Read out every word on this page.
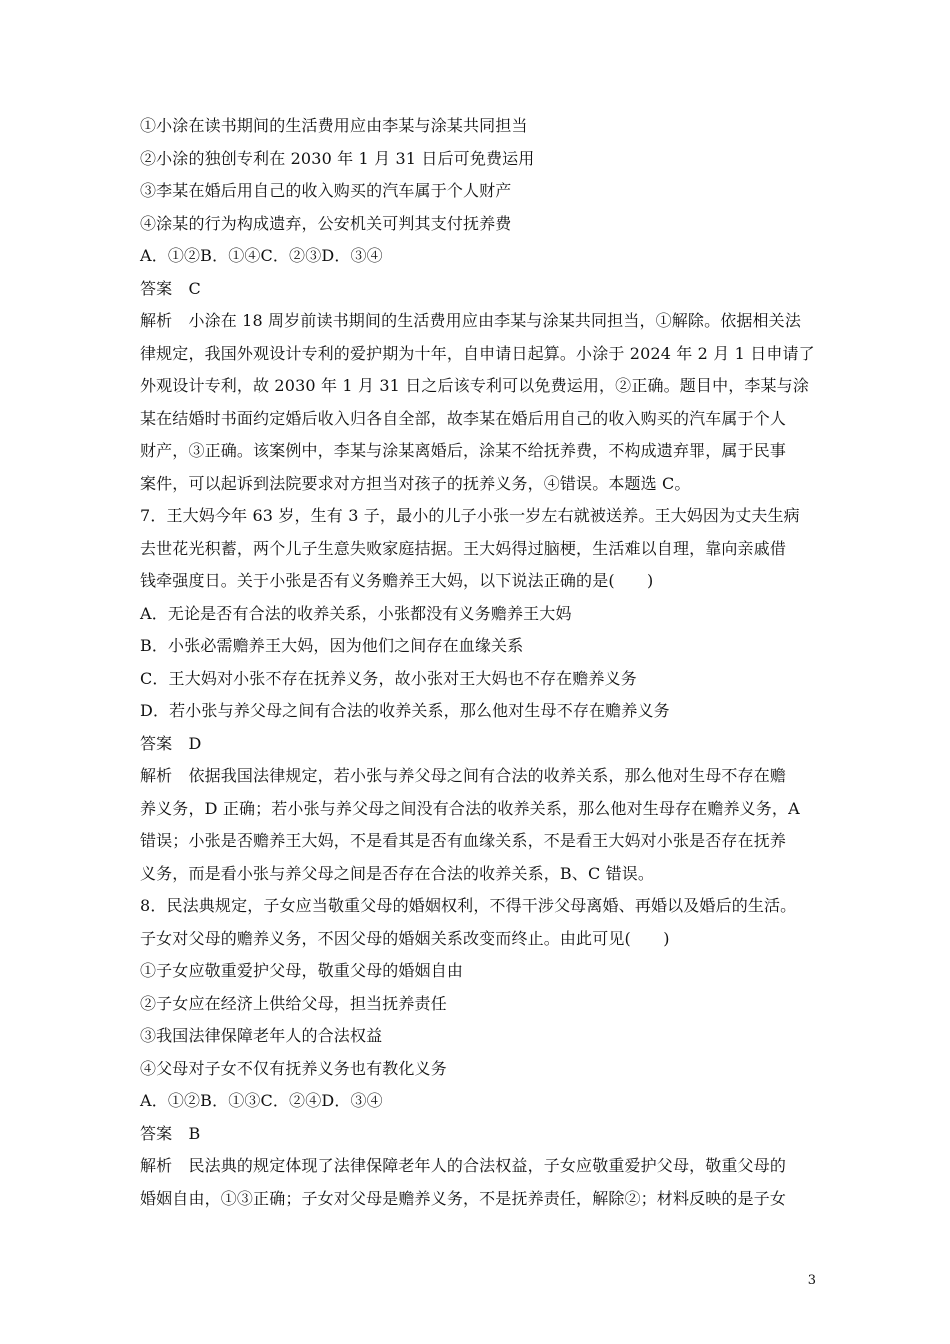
①小涂在读书期间的生活费用应由李某与涂某共同担当
②小涂的独创专利在 2030 年 1 月 31 日后可免费运用
③李某在婚后用自己的收入购买的汽车属于个人财产
④涂某的行为构成遗弃，公安机关可判其支付抚养费
A．①②B．①④C．②③D．③④
答案　C
解析　小涂在 18 周岁前读书期间的生活费用应由李某与涂某共同担当，①解除。依据相关法
律规定，我国外观设计专利的爱护期为十年，自申请日起算。小涂于 2024 年 2 月 1 日申请了
外观设计专利，故 2030 年 1 月 31 日之后该专利可以免费运用，②正确。题目中，李某与涂
某在结婚时书面约定婚后收入归各自全部，故李某在婚后用自己的收入购买的汽车属于个人
财产，③正确。该案例中，李某与涂某离婚后，涂某不给抚养费，不构成遗弃罪，属于民事
案件，可以起诉到法院要求对方担当对孩子的抚养义务，④错误。本题选 C。
7．王大妈今年 63 岁，生有 3 子，最小的儿子小张一岁左右就被送养。王大妈因为丈夫生病
去世花光积蓄，两个儿子生意失败家庭拮据。王大妈得过脑梗，生活难以自理，靠向亲戚借
钱牵强度日。关于小张是否有义务赡养王大妈，以下说法正确的是(　　)
A．无论是否有合法的收养关系，小张都没有义务赡养王大妈
B．小张必需赡养王大妈，因为他们之间存在血缘关系
C．王大妈对小张不存在抚养义务，故小张对王大妈也不存在赡养义务
D．若小张与养父母之间有合法的收养关系，那么他对生母不存在赡养义务
答案　D
解析　依据我国法律规定，若小张与养父母之间有合法的收养关系，那么他对生母不存在赡
养义务，D 正确；若小张与养父母之间没有合法的收养关系，那么他对生母存在赡养义务，A
错误；小张是否赡养王大妈，不是看其是否有血缘关系，不是看王大妈对小张是否存在抚养
义务，而是看小张与养父母之间是否存在合法的收养关系，B、C 错误。
8．民法典规定，子女应当敬重父母的婚姻权利，不得干涉父母离婚、再婚以及婚后的生活。
子女对父母的赡养义务，不因父母的婚姻关系改变而终止。由此可见(　　)
①子女应敬重爱护父母，敬重父母的婚姻自由
②子女应在经济上供给父母，担当抚养责任
③我国法律保障老年人的合法权益
④父母对子女不仅有抚养义务也有教化义务
A．①②B．①③C．②④D．③④
答案　B
解析　民法典的规定体现了法律保障老年人的合法权益，子女应敬重爱护父母，敬重父母的
婚姻自由，①③正确；子女对父母是赡养义务，不是抚养责任，解除②；材料反映的是子女
3
